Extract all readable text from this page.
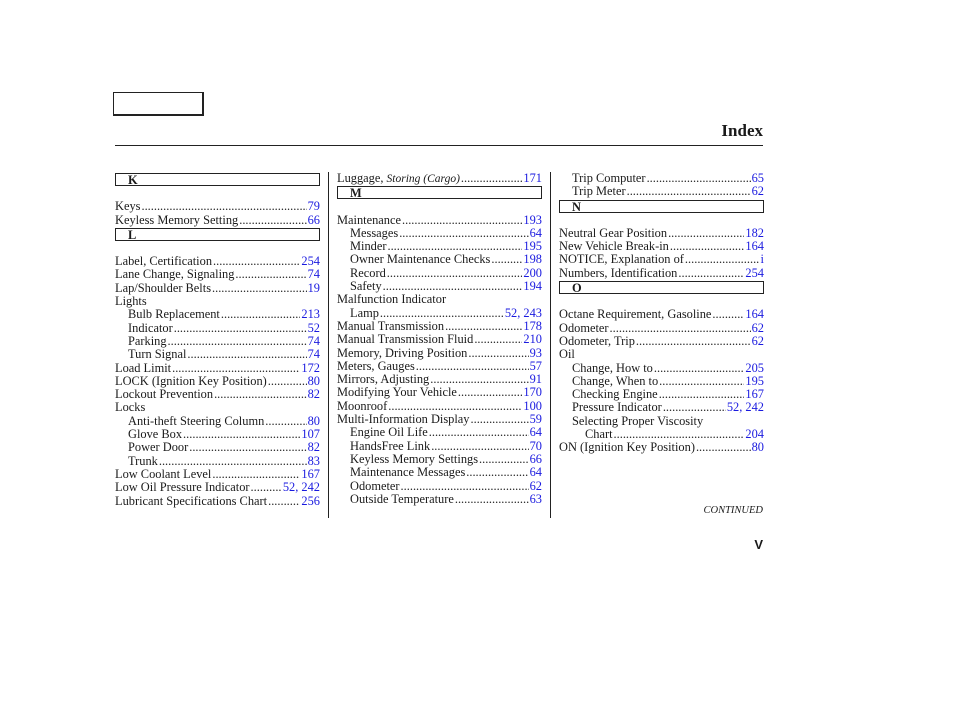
Index
K
Keys .....	79
Keyless Memory Setting .....	66
L
Label, Certification .....	254
Lane Change, Signaling .....	74
Lap/Shoulder Belts .....	19
Lights
Bulb Replacement .....	213
Indicator .....	52
Parking .....	74
Turn Signal .....	74
Load Limit .....	172
LOCK (Ignition Key Position) .....	80
Lockout Prevention .....	82
Locks
Anti-theft Steering Column .....	80
Glove Box .....	107
Power Door .....	82
Trunk .....	83
Low Coolant Level .....	167
Low Oil Pressure Indicator .....	52, 242
Lubricant Specifications Chart .....	256
Luggage, Storing (Cargo) .....	171
M
Maintenance .....	193
Messages .....	64
Minder .....	195
Owner Maintenance Checks .....	198
Record .....	200
Safety .....	194
Malfunction Indicator
Lamp .....	52, 243
Manual Transmission .....	178
Manual Transmission Fluid .....	210
Memory, Driving Position .....	93
Meters, Gauges .....	57
Mirrors, Adjusting .....	91
Modifying Your Vehicle .....	170
Moonroof .....	100
Multi-Information Display .....	59
Engine Oil Life .....	64
HandsFree Link .....	70
Keyless Memory Settings .....	66
Maintenance Messages .....	64
Odometer .....	62
Outside Temperature .....	63
Trip Computer .....	65
Trip Meter .....	62
N
Neutral Gear Position .....	182
New Vehicle Break-in .....	164
NOTICE, Explanation of .....	i
Numbers, Identification .....	254
O
Octane Requirement, Gasoline .....	164
Odometer .....	62
Odometer, Trip .....	62
Oil
Change, How to .....	205
Change, When to .....	195
Checking Engine .....	167
Pressure Indicator .....	52, 242
Selecting Proper Viscosity
Chart .....	204
ON (Ignition Key Position) .....	80
CONTINUED
V
